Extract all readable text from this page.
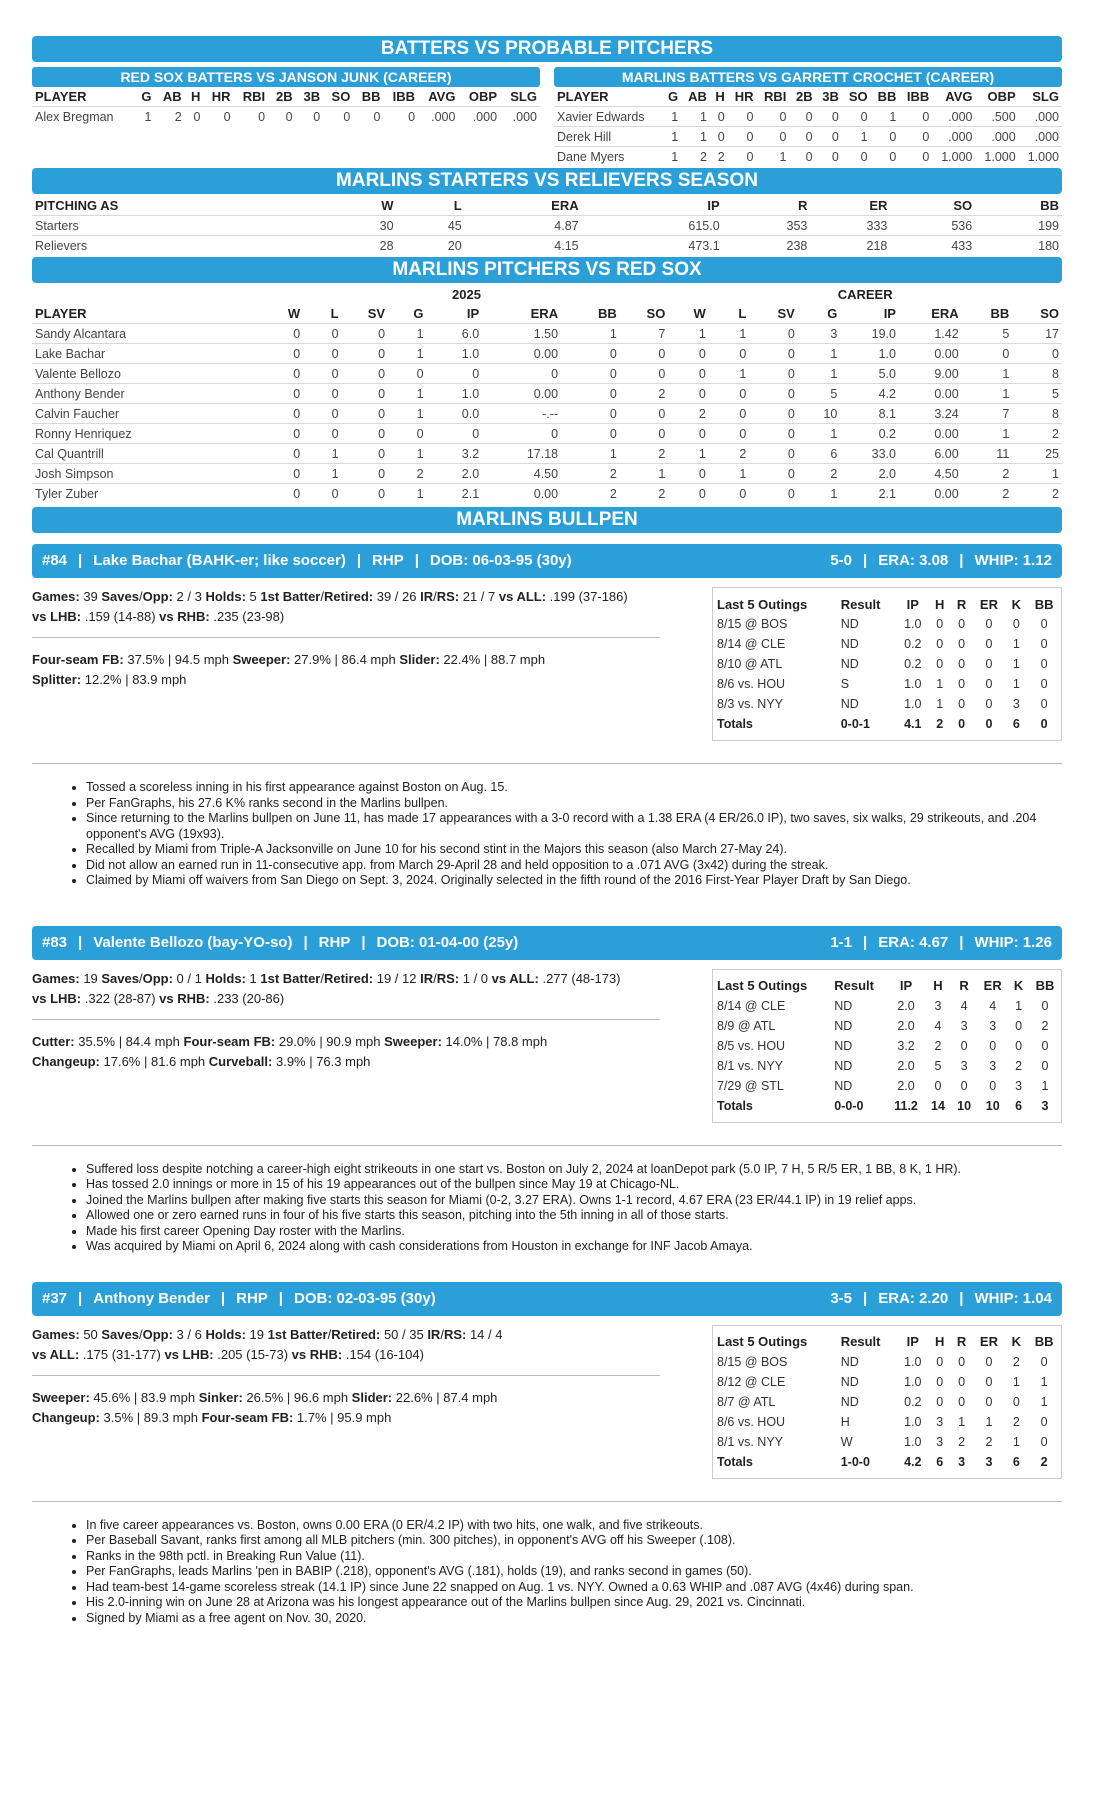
BATTERS VS PROBABLE PITCHERS
RED SOX BATTERS VS JANSON JUNK (CAREER)
PLAYER	G	AB	H	HR	RBI	2B	3B	SO	BB	IBB	AVG	OBP	SLG
Alex Bregman	1	2	0	0	0	0	0	0	0	0	.000	.000	.000
MARLINS BATTERS VS GARRETT CROCHET (CAREER)
PLAYER	G	AB	H	HR	RBI	2B	3B	SO	BB	IBB	AVG	OBP	SLG
Xavier Edwards	1	1	0	0	0	0	0	0	1	0	.000	.500	.000
Derek Hill	1	1	0	0	0	0	0	1	0	0	.000	.000	.000
Dane Myers	1	2	2	0	1	0	0	0	0	0	1.000	1.000	1.000
MARLINS STARTERS VS RELIEVERS SEASON
PITCHING AS	W	L	ERA	IP	R	ER	SO	BB
Starters	30	45	4.87	615.0	353	333	536	199
Relievers	28	20	4.15	473.1	238	218	433	180
MARLINS PITCHERS VS RED SOX
	2025								CAREER							
PLAYER	W	L	SV	G	IP	ERA	BB	SO	W	L	SV	G	IP	ERA	BB	SO
Sandy Alcantara	0	0	0	1	6.0	1.50	1	7	1	1	0	3	19.0	1.42	5	17
Lake Bachar	0	0	0	1	1.0	0.00	0	0	0	0	0	1	1.0	0.00	0	0
Valente Bellozo	0	0	0	0	0	0	0	0	0	1	0	1	5.0	9.00	1	8
Anthony Bender	0	0	0	1	1.0	0.00	0	2	0	0	0	5	4.2	0.00	1	5
Calvin Faucher	0	0	0	1	0.0	-.--	0	0	2	0	0	10	8.1	3.24	7	8
Ronny Henriquez	0	0	0	0	0	0	0	0	0	0	0	1	0.2	0.00	1	2
Cal Quantrill	0	1	0	1	3.2	17.18	1	2	1	2	0	6	33.0	6.00	11	25
Josh Simpson	0	1	0	2	2.0	4.50	2	1	0	1	0	2	2.0	4.50	2	1
Tyler Zuber	0	0	0	1	2.1	0.00	2	2	0	0	0	1	2.1	0.00	2	2
MARLINS BULLPEN
#84 | Lake Bachar (BAHK-er; like soccer) | RHP | DOB: 06-03-95 (30y)	5-0 | ERA: 3.08 | WHIP: 1.12
Games: 39 Saves/Opp: 2 / 3 Holds: 5 1st Batter/Retired: 39 / 26 IR/RS: 21 / 7 vs ALL: .199 (37-186)
vs LHB: .159 (14-88) vs RHB: .235 (23-98)
Four-seam FB: 37.5% | 94.5 mph Sweeper: 27.9% | 86.4 mph Slider: 22.4% | 88.7 mph
Splitter: 12.2% | 83.9 mph
Last 5 Outings	Result	IP	H	R	ER	K	BB
8/15 @ BOS	ND	1.0	0	0	0	0	0
8/14 @ CLE	ND	0.2	0	0	0	1	0
8/10 @ ATL	ND	0.2	0	0	0	1	0
8/6 vs. HOU	S	1.0	1	0	0	1	0
8/3 vs. NYY	ND	1.0	1	0	0	3	0
Totals	0-0-1	4.1	2	0	0	6	0
• Tossed a scoreless inning in his first appearance against Boston on Aug. 15.
• Per FanGraphs, his 27.6 K% ranks second in the Marlins bullpen.
• Since returning to the Marlins bullpen on June 11, has made 17 appearances with a 3-0 record with a 1.38 ERA (4 ER/26.0 IP), two saves, six walks, 29 strikeouts, and .204 opponent's AVG (19x93).
• Recalled by Miami from Triple-A Jacksonville on June 10 for his second stint in the Majors this season (also March 27-May 24).
• Did not allow an earned run in 11-consecutive app. from March 29-April 28 and held opposition to a .071 AVG (3x42) during the streak.
• Claimed by Miami off waivers from San Diego on Sept. 3, 2024. Originally selected in the fifth round of the 2016 First-Year Player Draft by San Diego.
#83 | Valente Bellozo (bay-YO-so) | RHP | DOB: 01-04-00 (25y)	1-1 | ERA: 4.67 | WHIP: 1.26
Games: 19 Saves/Opp: 0 / 1 Holds: 1 1st Batter/Retired: 19 / 12 IR/RS: 1 / 0 vs ALL: .277 (48-173)
vs LHB: .322 (28-87) vs RHB: .233 (20-86)
Cutter: 35.5% | 84.4 mph Four-seam FB: 29.0% | 90.9 mph Sweeper: 14.0% | 78.8 mph
Changeup: 17.6% | 81.6 mph Curveball: 3.9% | 76.3 mph
Last 5 Outings	Result	IP	H	R	ER	K	BB
8/14 @ CLE	ND	2.0	3	4	4	1	0
8/9 @ ATL	ND	2.0	4	3	3	0	2
8/5 vs. HOU	ND	3.2	2	0	0	0	0
8/1 vs. NYY	ND	2.0	5	3	3	2	0
7/29 @ STL	ND	2.0	0	0	0	3	1
Totals	0-0-0	11.2	14	10	10	6	3
• Suffered loss despite notching a career-high eight strikeouts in one start vs. Boston on July 2, 2024 at loanDepot park (5.0 IP, 7 H, 5 R/5 ER, 1 BB, 8 K, 1 HR).
• Has tossed 2.0 innings or more in 15 of his 19 appearances out of the bullpen since May 19 at Chicago-NL.
• Joined the Marlins bullpen after making five starts this season for Miami (0-2, 3.27 ERA). Owns 1-1 record, 4.67 ERA (23 ER/44.1 IP) in 19 relief apps.
• Allowed one or zero earned runs in four of his five starts this season, pitching into the 5th inning in all of those starts.
• Made his first career Opening Day roster with the Marlins.
• Was acquired by Miami on April 6, 2024 along with cash considerations from Houston in exchange for INF Jacob Amaya.
#37 | Anthony Bender | RHP | DOB: 02-03-95 (30y)	3-5 | ERA: 2.20 | WHIP: 1.04
Games: 50 Saves/Opp: 3 / 6 Holds: 19 1st Batter/Retired: 50 / 35 IR/RS: 14 / 4
vs ALL: .175 (31-177) vs LHB: .205 (15-73) vs RHB: .154 (16-104)
Sweeper: 45.6% | 83.9 mph Sinker: 26.5% | 96.6 mph Slider: 22.6% | 87.4 mph
Changeup: 3.5% | 89.3 mph Four-seam FB: 1.7% | 95.9 mph
Last 5 Outings	Result	IP	H	R	ER	K	BB
8/15 @ BOS	ND	1.0	0	0	0	2	0
8/12 @ CLE	ND	1.0	0	0	0	1	1
8/7 @ ATL	ND	0.2	0	0	0	0	1
8/6 vs. HOU	H	1.0	3	1	1	2	0
8/1 vs. NYY	W	1.0	3	2	2	1	0
Totals	1-0-0	4.2	6	3	3	6	2
• In five career appearances vs. Boston, owns 0.00 ERA (0 ER/4.2 IP) with two hits, one walk, and five strikeouts.
• Per Baseball Savant, ranks first among all MLB pitchers (min. 300 pitches), in opponent's AVG off his Sweeper (.108).
• Ranks in the 98th pctl. in Breaking Run Value (11).
• Per FanGraphs, leads Marlins 'pen in BABIP (.218), opponent's AVG (.181), holds (19), and ranks second in games (50).
• Had team-best 14-game scoreless streak (14.1 IP) since June 22 snapped on Aug. 1 vs. NYY. Owned a 0.63 WHIP and .087 AVG (4x46) during span.
• His 2.0-inning win on June 28 at Arizona was his longest appearance out of the Marlins bullpen since Aug. 29, 2021 vs. Cincinnati.
• Signed by Miami as a free agent on Nov. 30, 2020.
